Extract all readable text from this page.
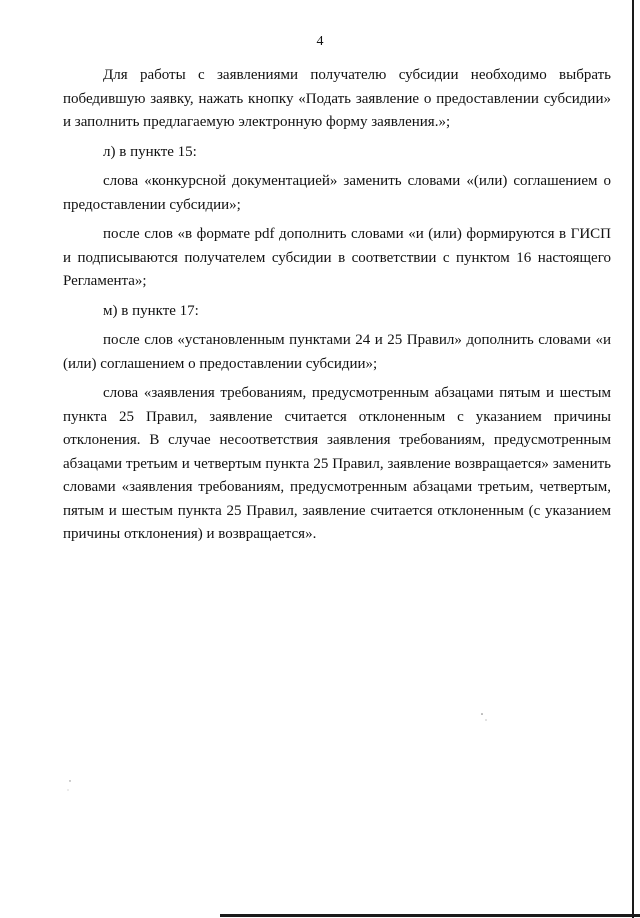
4

Для работы с заявлениями получателю субсидии необходимо выбрать победившую заявку, нажать кнопку «Подать заявление о предоставлении субсидии» и заполнить предлагаемую электронную форму заявления.»;

л) в пункте 15:

слова «конкурсной документацией» заменить словами «(или) соглашением о предоставлении субсидии»;

после слов «в формате pdf дополнить словами «и (или) формируются в ГИСП и подписываются получателем субсидии в соответствии с пунктом 16 настоящего Регламента»;

м) в пункте 17:

после слов «установленным пунктами 24 и 25 Правил» дополнить словами «и (или) соглашением о предоставлении субсидии»;

слова «заявления требованиям, предусмотренным абзацами пятым и шестым пункта 25 Правил, заявление считается отклоненным с указанием причины отклонения. В случае несоответствия заявления требованиям, предусмотренным абзацами третьим и четвертым пункта 25 Правил, заявление возвращается» заменить словами «заявления требованиям, предусмотренным абзацами третьим, четвертым, пятым и шестым пункта 25 Правил, заявление считается отклоненным (с указанием причины отклонения) и возвращается».
